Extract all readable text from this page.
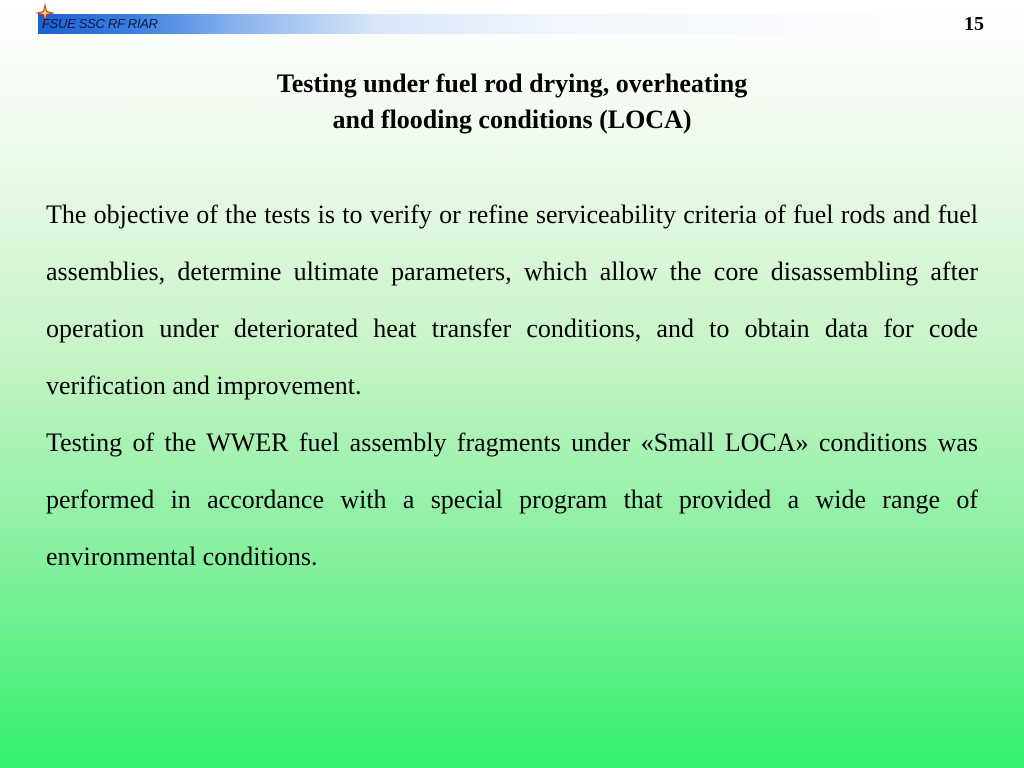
FSUE SSC RF RIAR	15
Testing under fuel rod drying, overheating
and flooding conditions (LOCA)

The objective of the tests is to verify or refine serviceability criteria of fuel rods and fuel assemblies, determine ultimate parameters, which allow the core disassembling after operation under deteriorated heat transfer conditions, and to obtain data for code verification and improvement.

Testing of the WWER fuel assembly fragments under «Small LOCA» conditions was performed in accordance with a special program that provided a wide range of environmental conditions.
